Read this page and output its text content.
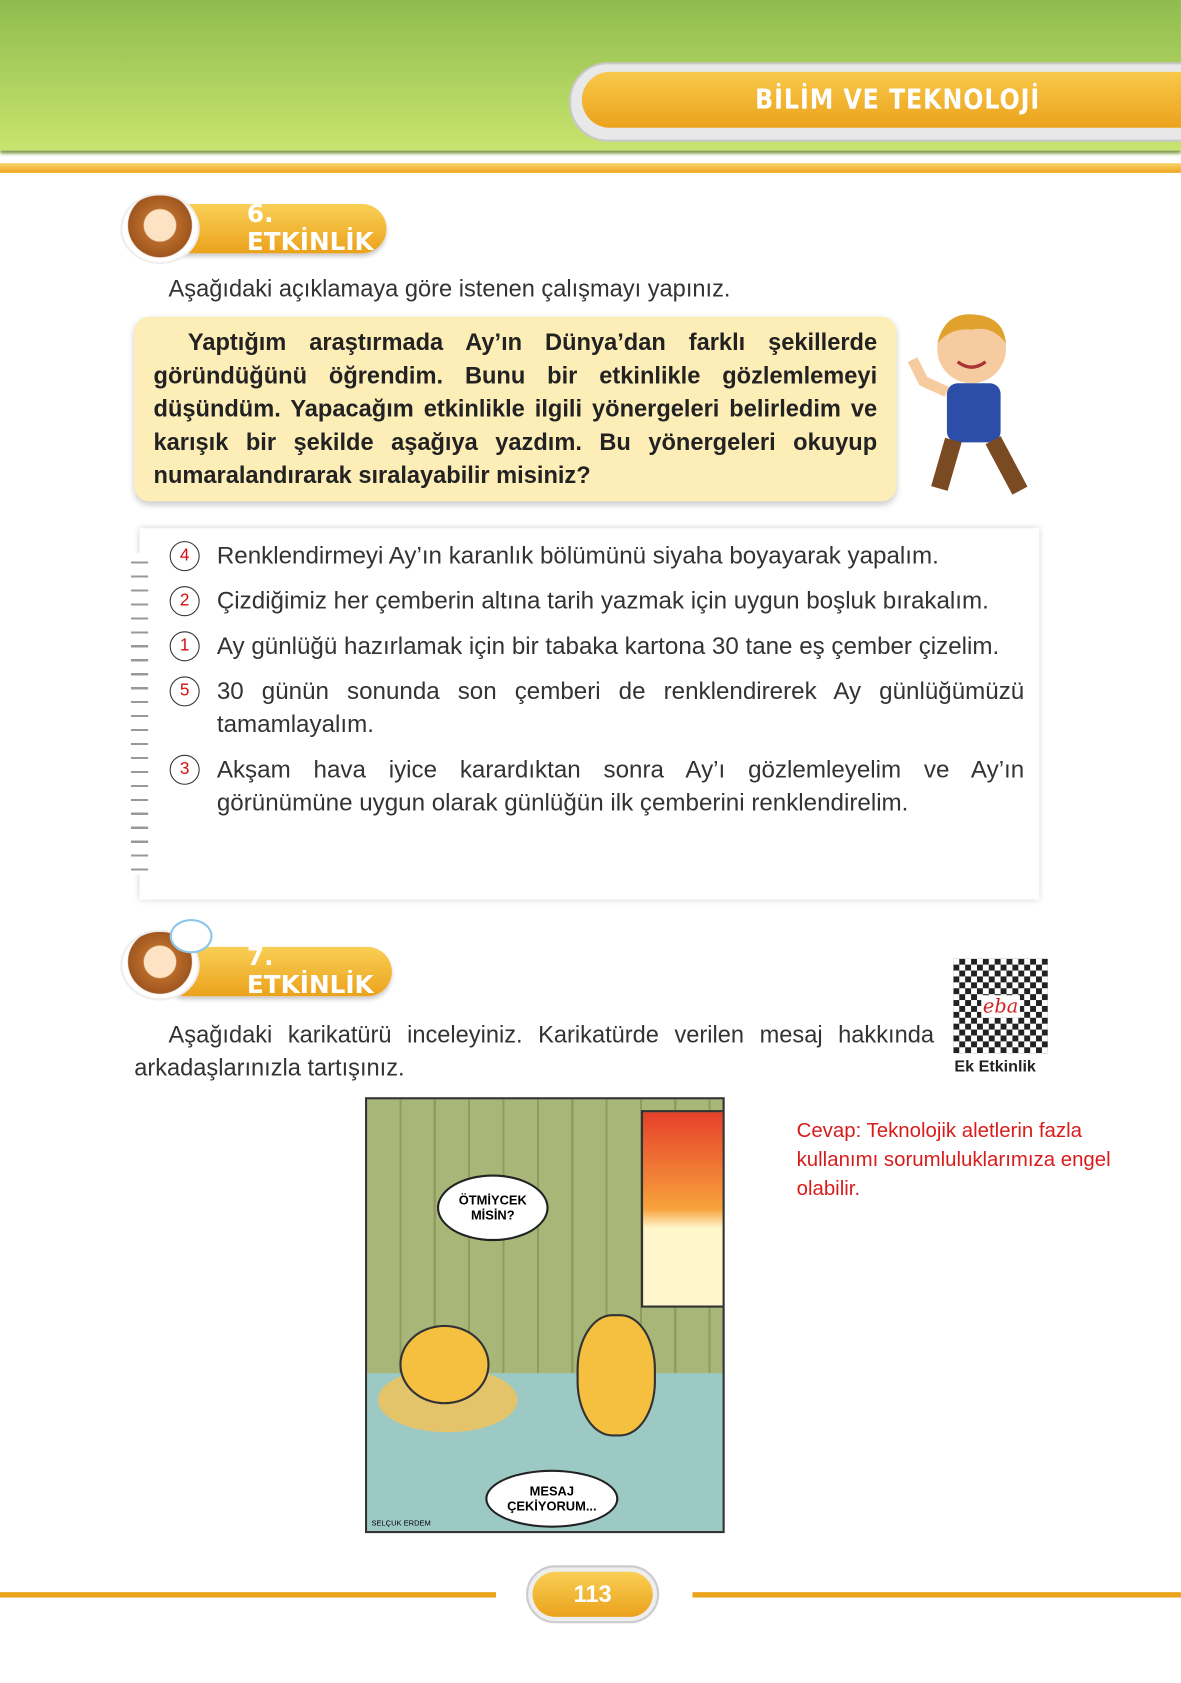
BİLİM VE TEKNOLOJİ
6. ETKİNLİK
Aşağıdaki açıklamaya göre istenen çalışmayı yapınız.
Yaptığım araştırmada Ay’ın Dünya’dan farklı şekillerde göründüğünü öğrendim. Bunu bir etkinlikle gözlemlemeyi düşündüm. Yapacağım etkinlikle ilgili yönergeleri belirledim ve karışık bir şekilde aşağıya yazdım. Bu yönergeleri okuyup numaralandırarak sıralayabilir misiniz?
4	Renklendirmeyi Ay’ın karanlık bölümünü siyaha boyayarak yapalım.
2	Çizdiğimiz her çemberin altına tarih yazmak için uygun boşluk bırakalım.
1	Ay günlüğü hazırlamak için bir tabaka kartona 30 tane eş çember çizelim.
5	30 günün sonunda son çemberi de renklendirerek Ay günlüğümüzü tamamlayalım.
3	Akşam hava iyice karardıktan sonra Ay’ı gözlemleyelim ve Ay’ın görünümüne uygun olarak günlüğün ilk çemberini renklendirelim.
7. ETKİNLİK
Aşağıdaki karikatürü inceleyiniz. Karikatürde verilen mesaj hakkında arkadaşlarınızla tartışınız.
eba
Ek Etkinlik
ÖTMİYCEK MİSİN?
MESAJ ÇEKİYORUM...
SELÇUK ERDEM
Cevap: Teknolojik aletlerin fazla kullanımı sorumluluklarımıza engel olabilir.
113
